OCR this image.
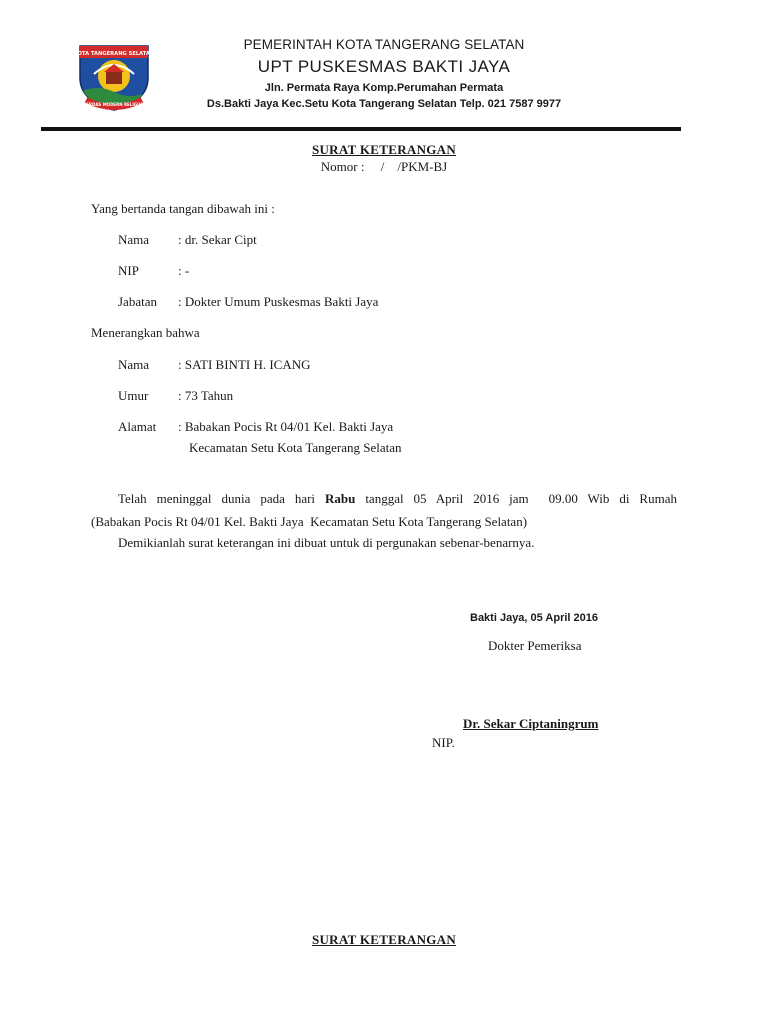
KOTA TANGERANG SELATAN
CERDAS MODERN RELIGIUS
PEMERINTAH KOTA TANGERANG SELATAN
UPT PUSKESMAS BAKTI JAYA
Jln. Permata Raya Komp.Perumahan Permata
Ds.Bakti Jaya Kec.Setu Kota Tangerang Selatan Telp. 021 7587 9977
SURAT KETERANGAN
Nomor :     /    /PKM-BJ
Yang bertanda tangan dibawah ini :
Nama : dr. Sekar Cipt
NIP	: -
Jabatan : Dokter Umum Puskesmas Bakti Jaya
Menerangkan bahwa
Nama : SATI BINTI H. ICANG
Umur : 73 Tahun
Alamat : Babakan Pocis Rt 04/01 Kel. Bakti Jaya
Kecamatan Setu Kota Tangerang Selatan
Telah meninggal dunia pada hari Rabu tanggal 05 April 2016 jam  09.00 Wib di Rumah
(Babakan Pocis Rt 04/01 Kel. Bakti Jaya  Kecamatan Setu Kota Tangerang Selatan)
Demikianlah surat keterangan ini dibuat untuk di pergunakan sebenar-benarnya.
Bakti Jaya, 05 April 2016
Dokter Pemeriksa
Dr. Sekar Ciptaningrum
NIP.
SURAT KETERANGAN
